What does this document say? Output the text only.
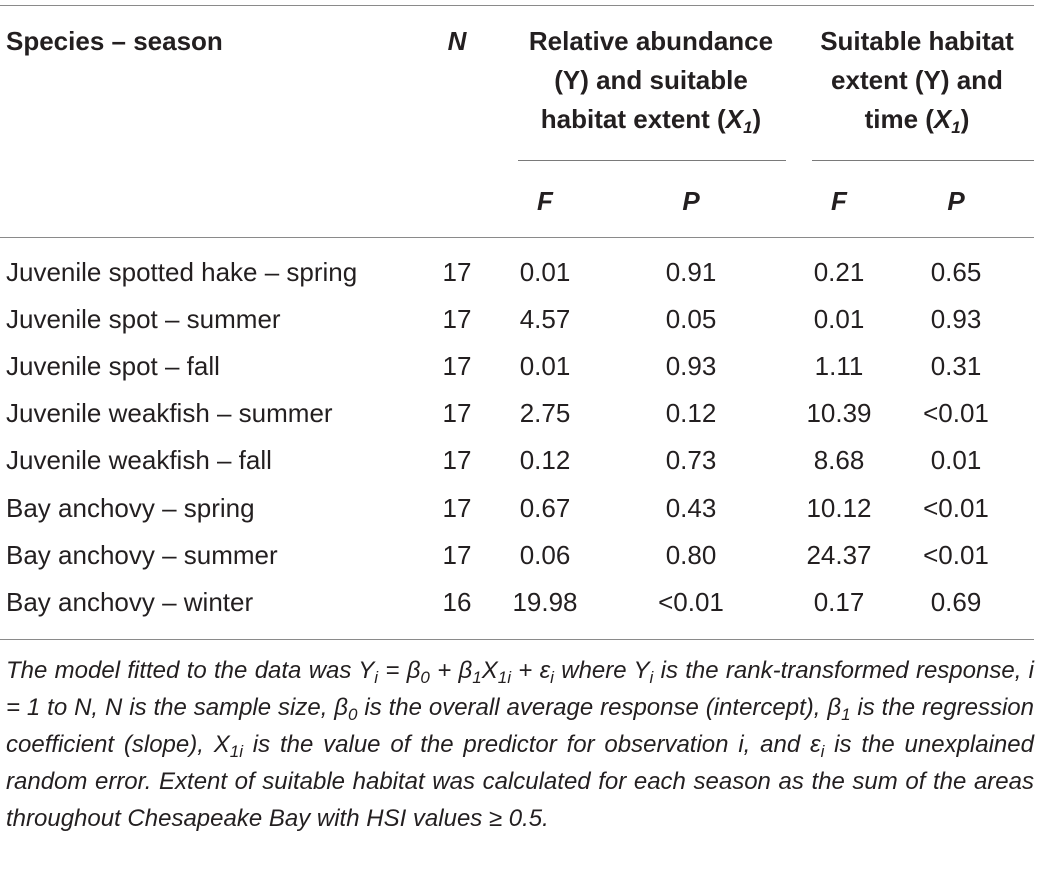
Species – season	N	Relative abundance
(Y) and suitable
habitat extent $(X_1)$
Suitable habitat
extent (Y) and
time $(X_1)$
F	P	F	P
Juvenile spotted hake – spring	17	0.01	0.91	0.21	0.65
Juvenile spot – summer	17	4.57	0.05	0.01	0.93
Juvenile spot – fall	17	0.01	0.93	1.11	0.31
Juvenile weakfish – summer	17	2.75	0.12	10.39	<0.01
Juvenile weakfish – fall	17	0.12	0.73	8.68	0.01
Bay anchovy – spring	17	0.67	0.43	10.12	<0.01
Bay anchovy – summer	17	0.06	0.80	24.37	<0.01
Bay anchovy – winter	16	19.98	<0.01	0.17	0.69
The model fitted to the data was $Y_i = \beta_0 + \beta_1X_{1i} + \varepsilon_i$ where $Y_i$ is the rank-transformed response, i = 1 to N, N is the sample size, $\beta_0$ is the overall average response (intercept), $\beta_1$ is the regression coefficient (slope), $X_{1i}$ is the value of the predictor for observation i, and $\varepsilon_i$ is the unexplained random error. Extent of suitable habitat was calculated for each season as the sum of the areas throughout Chesapeake Bay with HSI values ≥ 0.5.
